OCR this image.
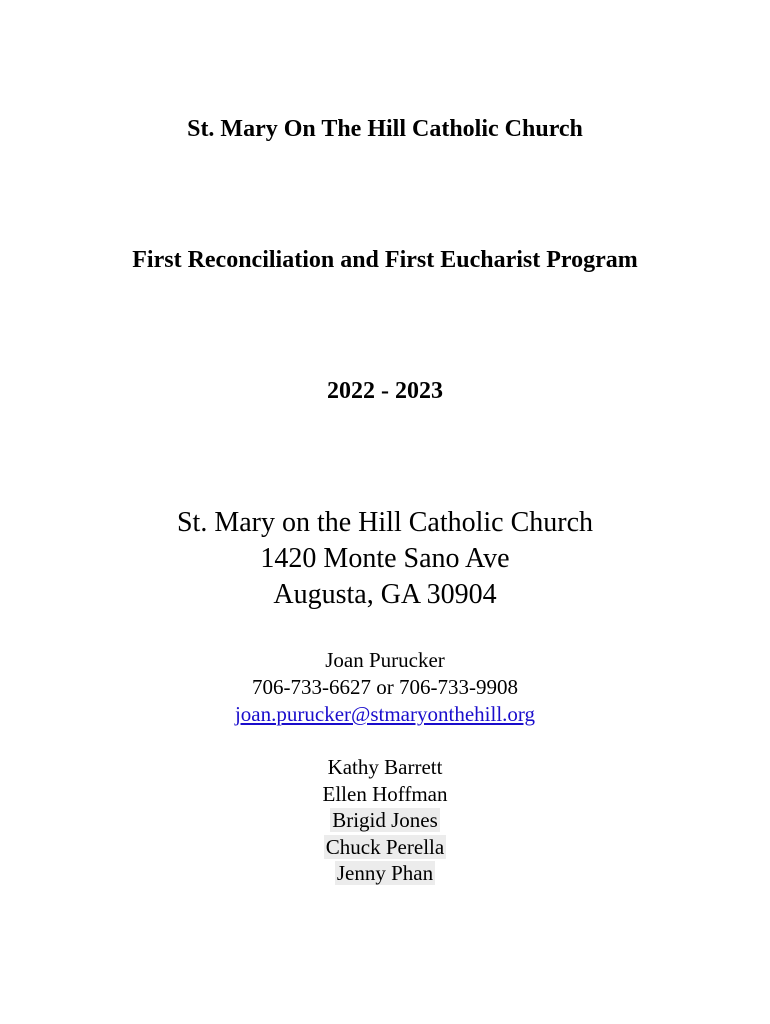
St. Mary On The Hill Catholic Church
First Reconciliation and First Eucharist Program
2022 - 2023

St. Mary on the Hill Catholic Church

1420 Monte Sano Ave

Augusta, GA 30904

Joan Purucker

706-733-6627 or 706-733-9908

joan.purucker@stmaryonthehill.org

Kathy Barrett
Ellen Hoffman
Brigid Jones
Chuck Perella
Jenny Phan
